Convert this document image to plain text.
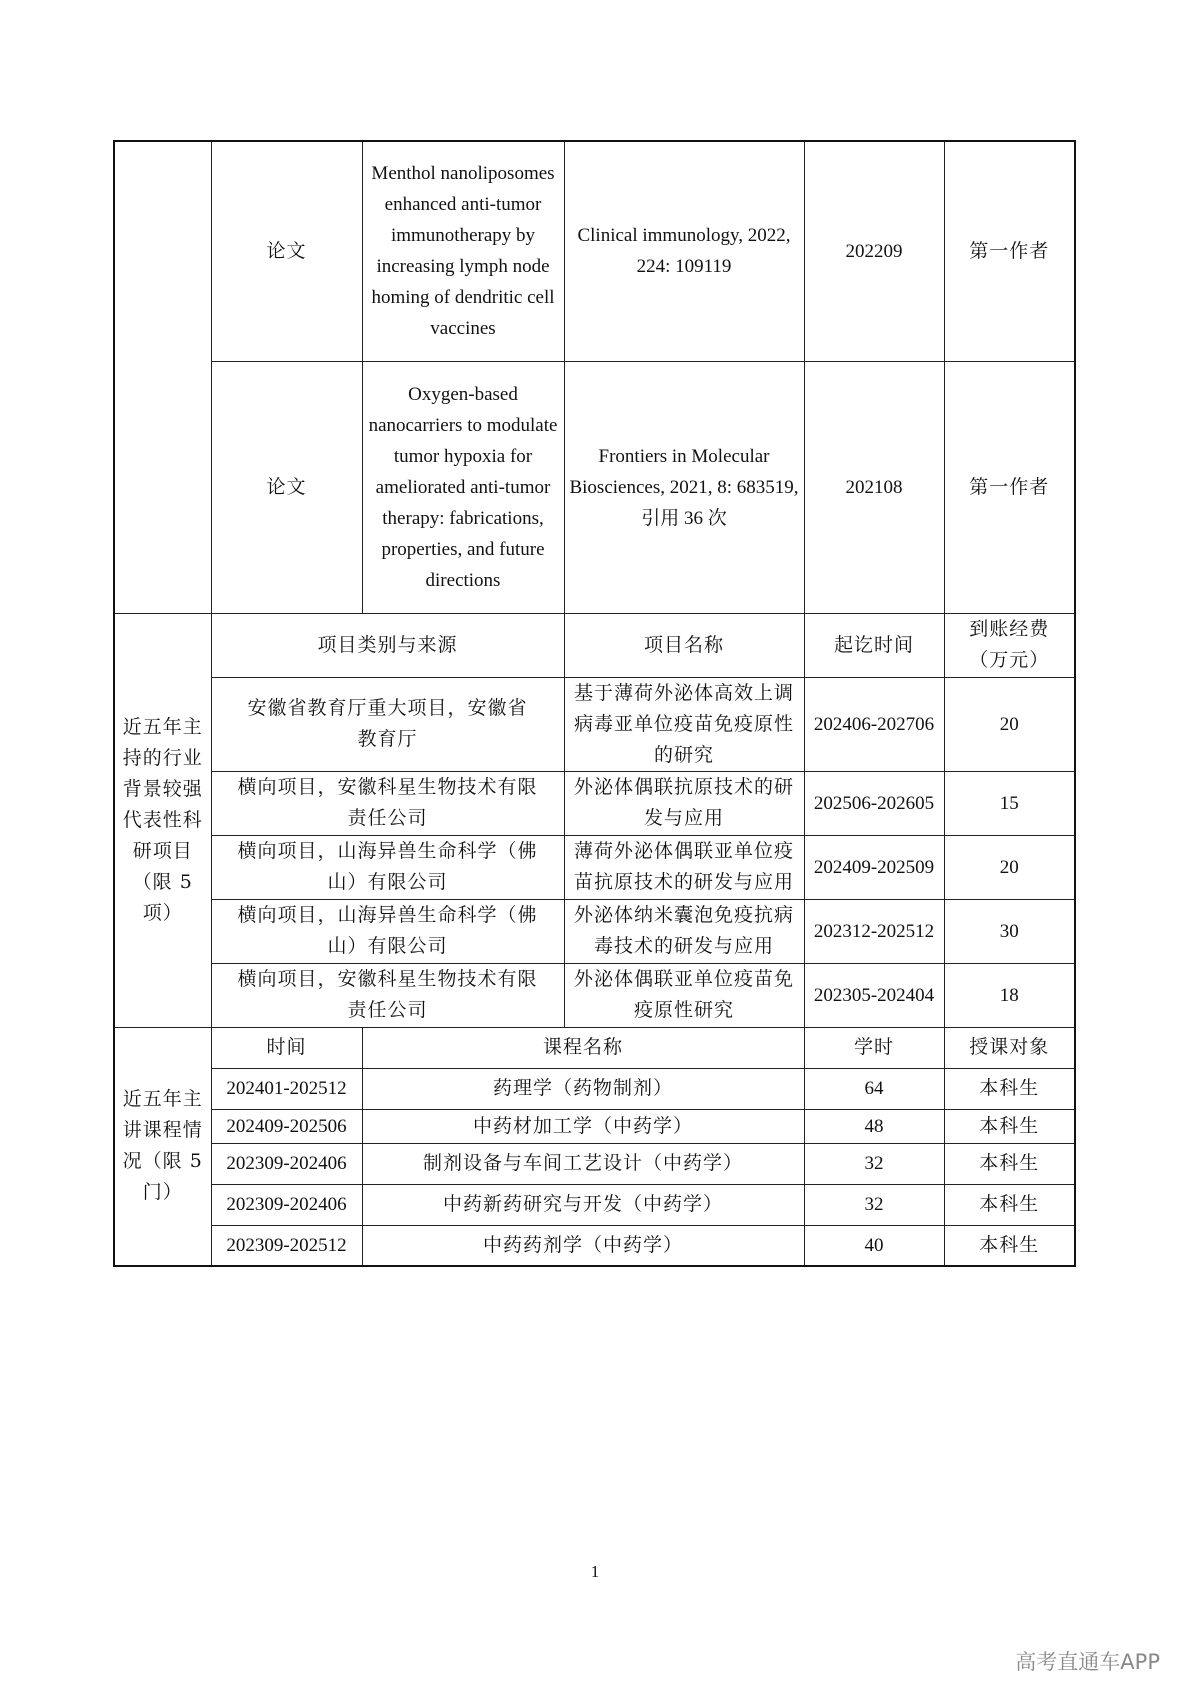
	论文	Menthol nanoliposomes enhanced anti-tumor immunotherapy by increasing lymph node homing of dendritic cell vaccines	Clinical immunology, 2022, 224: 109119	202209	第一作者
	论文	Oxygen-based nanocarriers to modulate tumor hypoxia for ameliorated anti-tumor therapy: fabrications, properties, and future directions	Frontiers in Molecular Biosciences, 2021, 8: 683519, 引用 36 次	202108	第一作者
近五年主持的行业背景较强代表性科研项目（限 5 项）	项目类别与来源		项目名称	起讫时间	到账经费（万元）
	安徽省教育厅重大项目，安徽省教育厅		基于薄荷外泌体高效上调病毒亚单位疫苗免疫原性的研究	202406-202706	20
	横向项目，安徽科星生物技术有限责任公司		外泌体偶联抗原技术的研发与应用	202506-202605	15
	横向项目，山海异兽生命科学（佛山）有限公司		薄荷外泌体偶联亚单位疫苗抗原技术的研发与应用	202409-202509	20
	横向项目，山海异兽生命科学（佛山）有限公司		外泌体纳米囊泡免疫抗病毒技术的研发与应用	202312-202512	30
	横向项目，安徽科星生物技术有限责任公司		外泌体偶联亚单位疫苗免疫原性研究	202305-202404	18
近五年主讲课程情况（限 5 门）	时间	课程名称		学时	授课对象
	202401-202512	药理学（药物制剂）		64	本科生
	202409-202506	中药材加工学（中药学）		48	本科生
	202309-202406	制剂设备与车间工艺设计（中药学）		32	本科生
	202309-202406	中药新药研究与开发（中药学）		32	本科生
	202309-202512	中药药剂学（中药学）		40	本科生
1
高考直通车APP
